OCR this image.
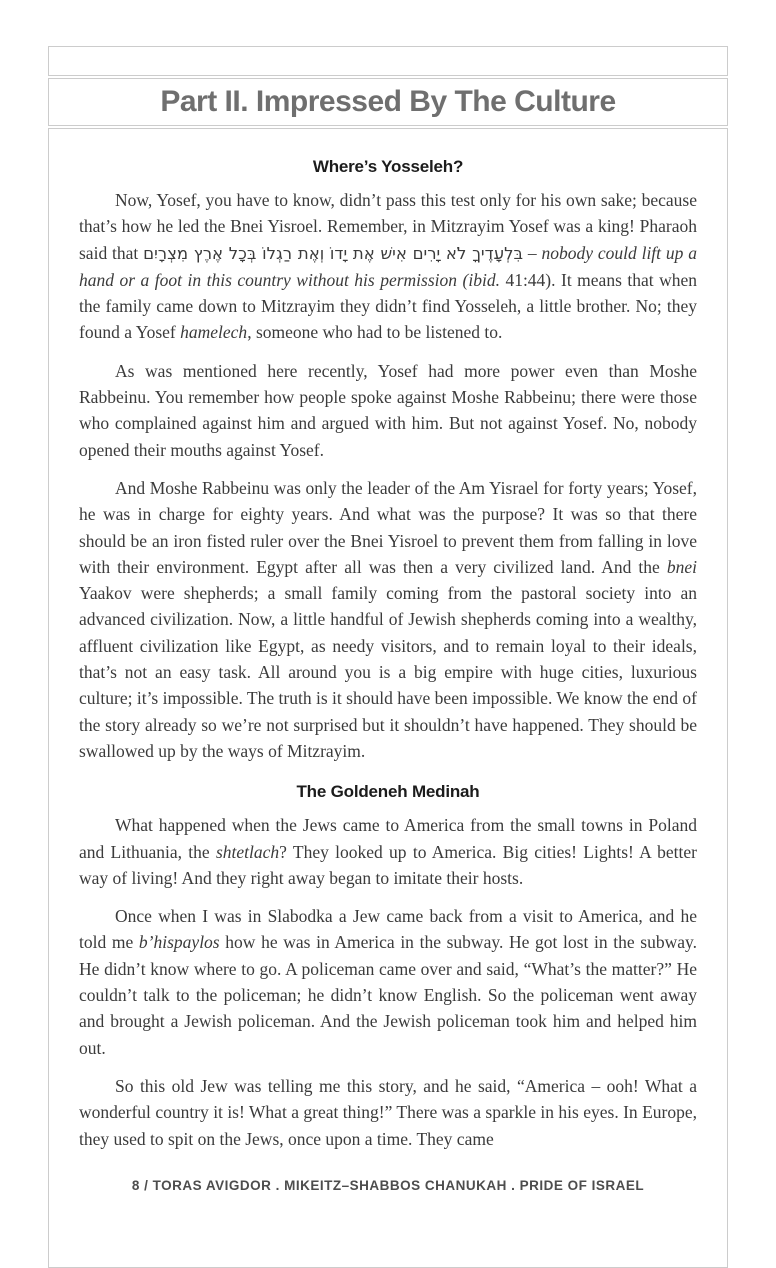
Part II. Impressed By The Culture
Where’s Yosseleh?

Now, Yosef, you have to know, didn’t pass this test only for his own sake; because that’s how he led the Bnei Yisroel. Remember, in Mitzrayim Yosef was a king! Pharaoh said that בִּלְעָדֶיךָ לֹא יָרִים אִישׁ אֶת יָדוֹ וְאֶת רַגְלוֹ בְּכָל אֶרֶץ מִצְרָיִם – nobody could lift up a hand or a foot in this country without his permission (ibid. 41:44). It means that when the family came down to Mitzrayim they didn’t find Yosseleh, a little brother. No; they found a Yosef hamelech, someone who had to be listened to.

As was mentioned here recently, Yosef had more power even than Moshe Rabbeinu. You remember how people spoke against Moshe Rabbeinu; there were those who complained against him and argued with him. But not against Yosef. No, nobody opened their mouths against Yosef.

And Moshe Rabbeinu was only the leader of the Am Yisrael for forty years; Yosef, he was in charge for eighty years. And what was the purpose? It was so that there should be an iron fisted ruler over the Bnei Yisroel to prevent them from falling in love with their environment. Egypt after all was then a very civilized land. And the bnei Yaakov were shepherds; a small family coming from the pastoral society into an advanced civilization. Now, a little handful of Jewish shepherds coming into a wealthy, affluent civilization like Egypt, as needy visitors, and to remain loyal to their ideals, that’s not an easy task. All around you is a big empire with huge cities, luxurious culture; it’s impossible. The truth is it should have been impossible. We know the end of the story already so we’re not surprised but it shouldn’t have happened. They should be swallowed up by the ways of Mitzrayim.

The Goldeneh Medinah

What happened when the Jews came to America from the small towns in Poland and Lithuania, the shtetlach? They looked up to America. Big cities! Lights! A better way of living! And they right away began to imitate their hosts.

Once when I was in Slabodka a Jew came back from a visit to America, and he told me b’hispaylos how he was in America in the subway. He got lost in the subway. He didn’t know where to go. A policeman came over and said, “What’s the matter?” He couldn’t talk to the policeman; he didn’t know English. So the policeman went away and brought a Jewish policeman. And the Jewish policeman took him and helped him out.

So this old Jew was telling me this story, and he said, “America – ooh! What a wonderful country it is! What a great thing!” There was a sparkle in his eyes. In Europe, they used to spit on the Jews, once upon a time. They came

8 / TORAS AVIGDOR . MIKEITZ–SHABBOS CHANUKAH . PRIDE OF ISRAEL
